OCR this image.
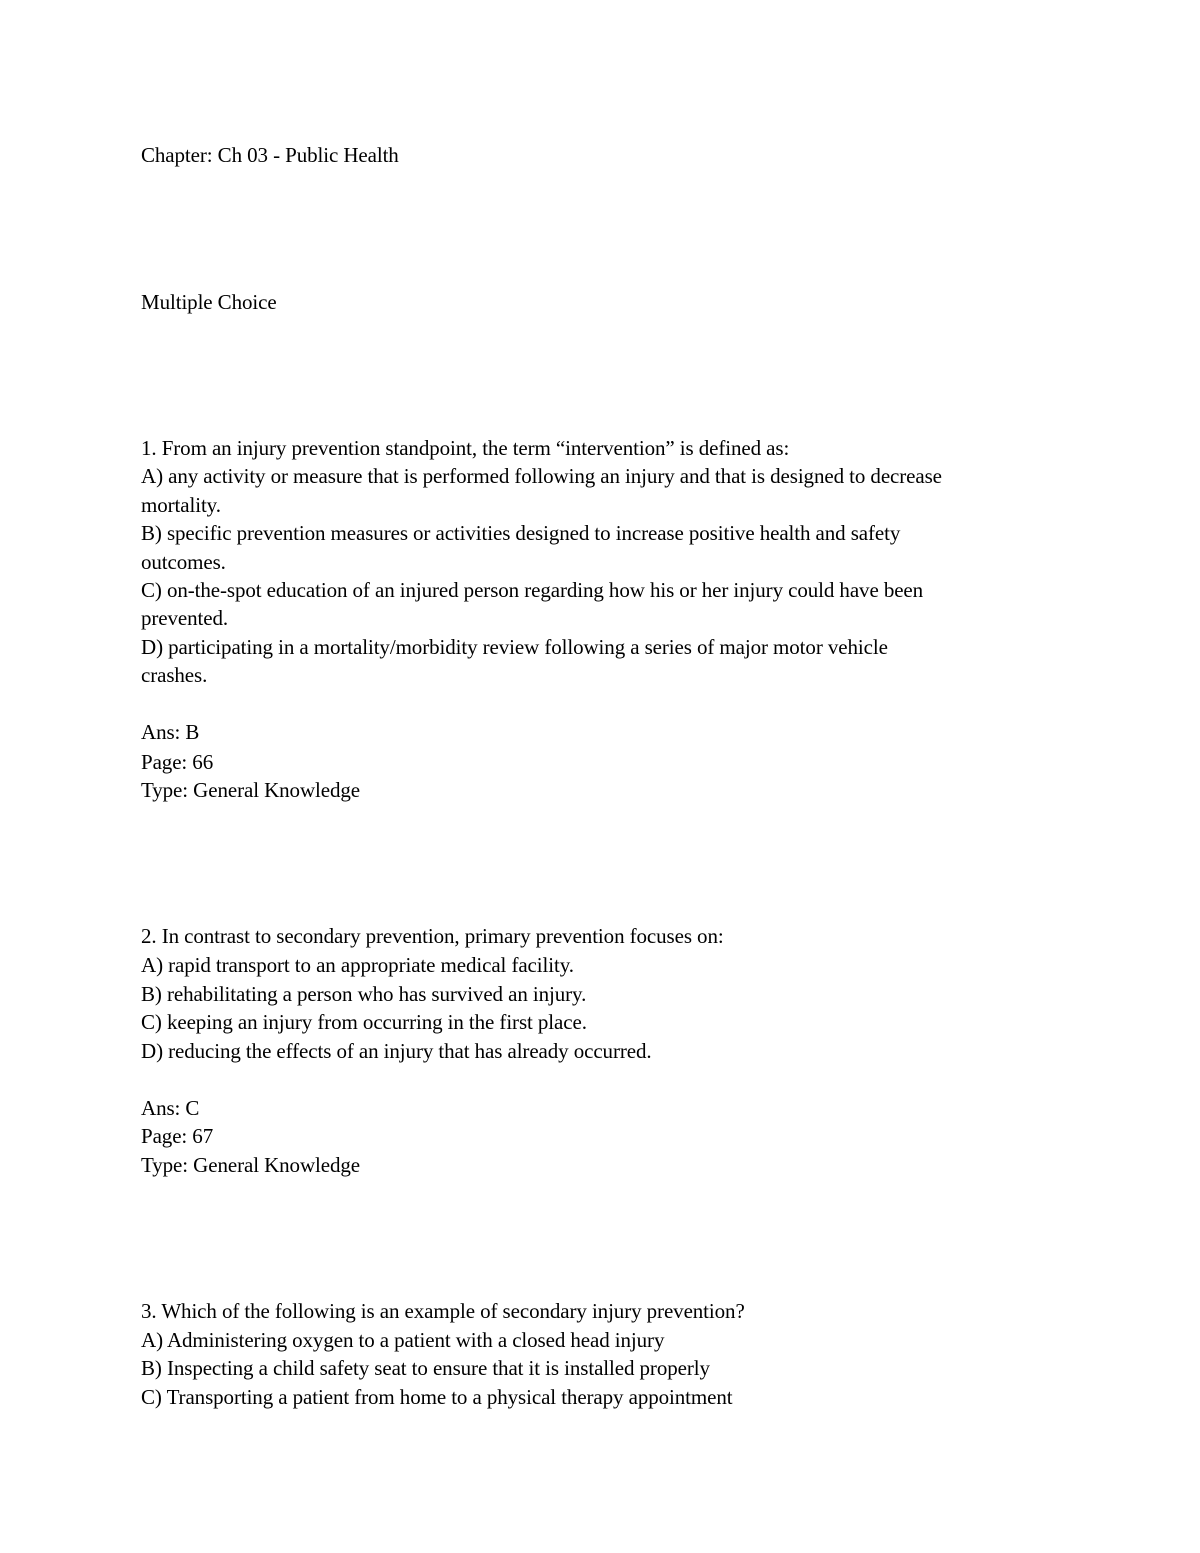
Chapter: Ch 03 - Public Health
Multiple Choice
1. From an injury prevention standpoint, the term “intervention” is defined as:
A) any activity or measure that is performed following an injury and that is designed to decrease
mortality.
B) specific prevention measures or activities designed to increase positive health and safety
outcomes.
C) on-the-spot education of an injured person regarding how his or her injury could have been
prevented.
D) participating in a mortality/morbidity review following a series of major motor vehicle
crashes.
Ans: B
Page: 66
Type: General Knowledge
2. In contrast to secondary prevention, primary prevention focuses on:
A) rapid transport to an appropriate medical facility.
B) rehabilitating a person who has survived an injury.
C) keeping an injury from occurring in the first place.
D) reducing the effects of an injury that has already occurred.
Ans: C
Page: 67
Type: General Knowledge
3. Which of the following is an example of secondary injury prevention?
A) Administering oxygen to a patient with a closed head injury
B) Inspecting a child safety seat to ensure that it is installed properly
C) Transporting a patient from home to a physical therapy appointment
